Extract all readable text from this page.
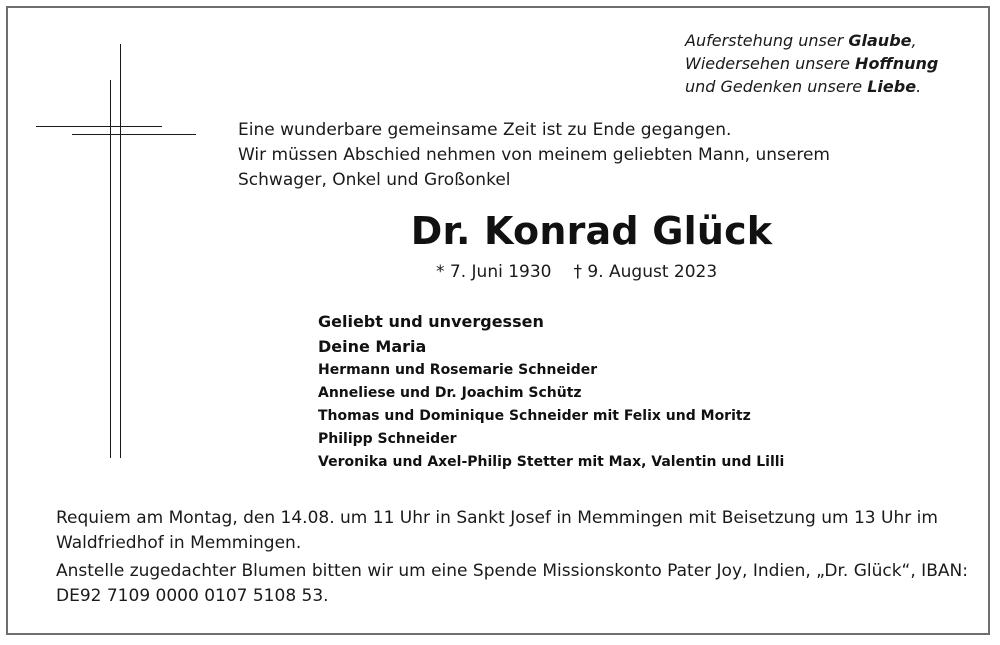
Auferstehung unser Glaube,
Wiedersehen unsere Hoffnung
und Gedenken unsere Liebe.
Eine wunderbare gemeinsame Zeit ist zu Ende gegangen.
Wir müssen Abschied nehmen von meinem geliebten Mann, unserem
Schwager, Onkel und Großonkel
Dr. Konrad Glück
* 7. Juni 1930 † 9. August 2023
Geliebt und unvergessen
Deine Maria
Hermann und Rosemarie Schneider
Anneliese und Dr. Joachim Schütz
Thomas und Dominique Schneider mit Felix und Moritz
Philipp Schneider
Veronika und Axel-Philip Stetter mit Max, Valentin und Lilli

Requiem am Montag, den 14.08. um 11 Uhr in Sankt Josef in Memmingen mit Beisetzung um 13 Uhr im Waldfriedhof in Memmingen.

Anstelle zugedachter Blumen bitten wir um eine Spende Missionskonto Pater Joy, Indien, „Dr. Glück“, IBAN: DE92 7109 0000 0107 5108 53.
